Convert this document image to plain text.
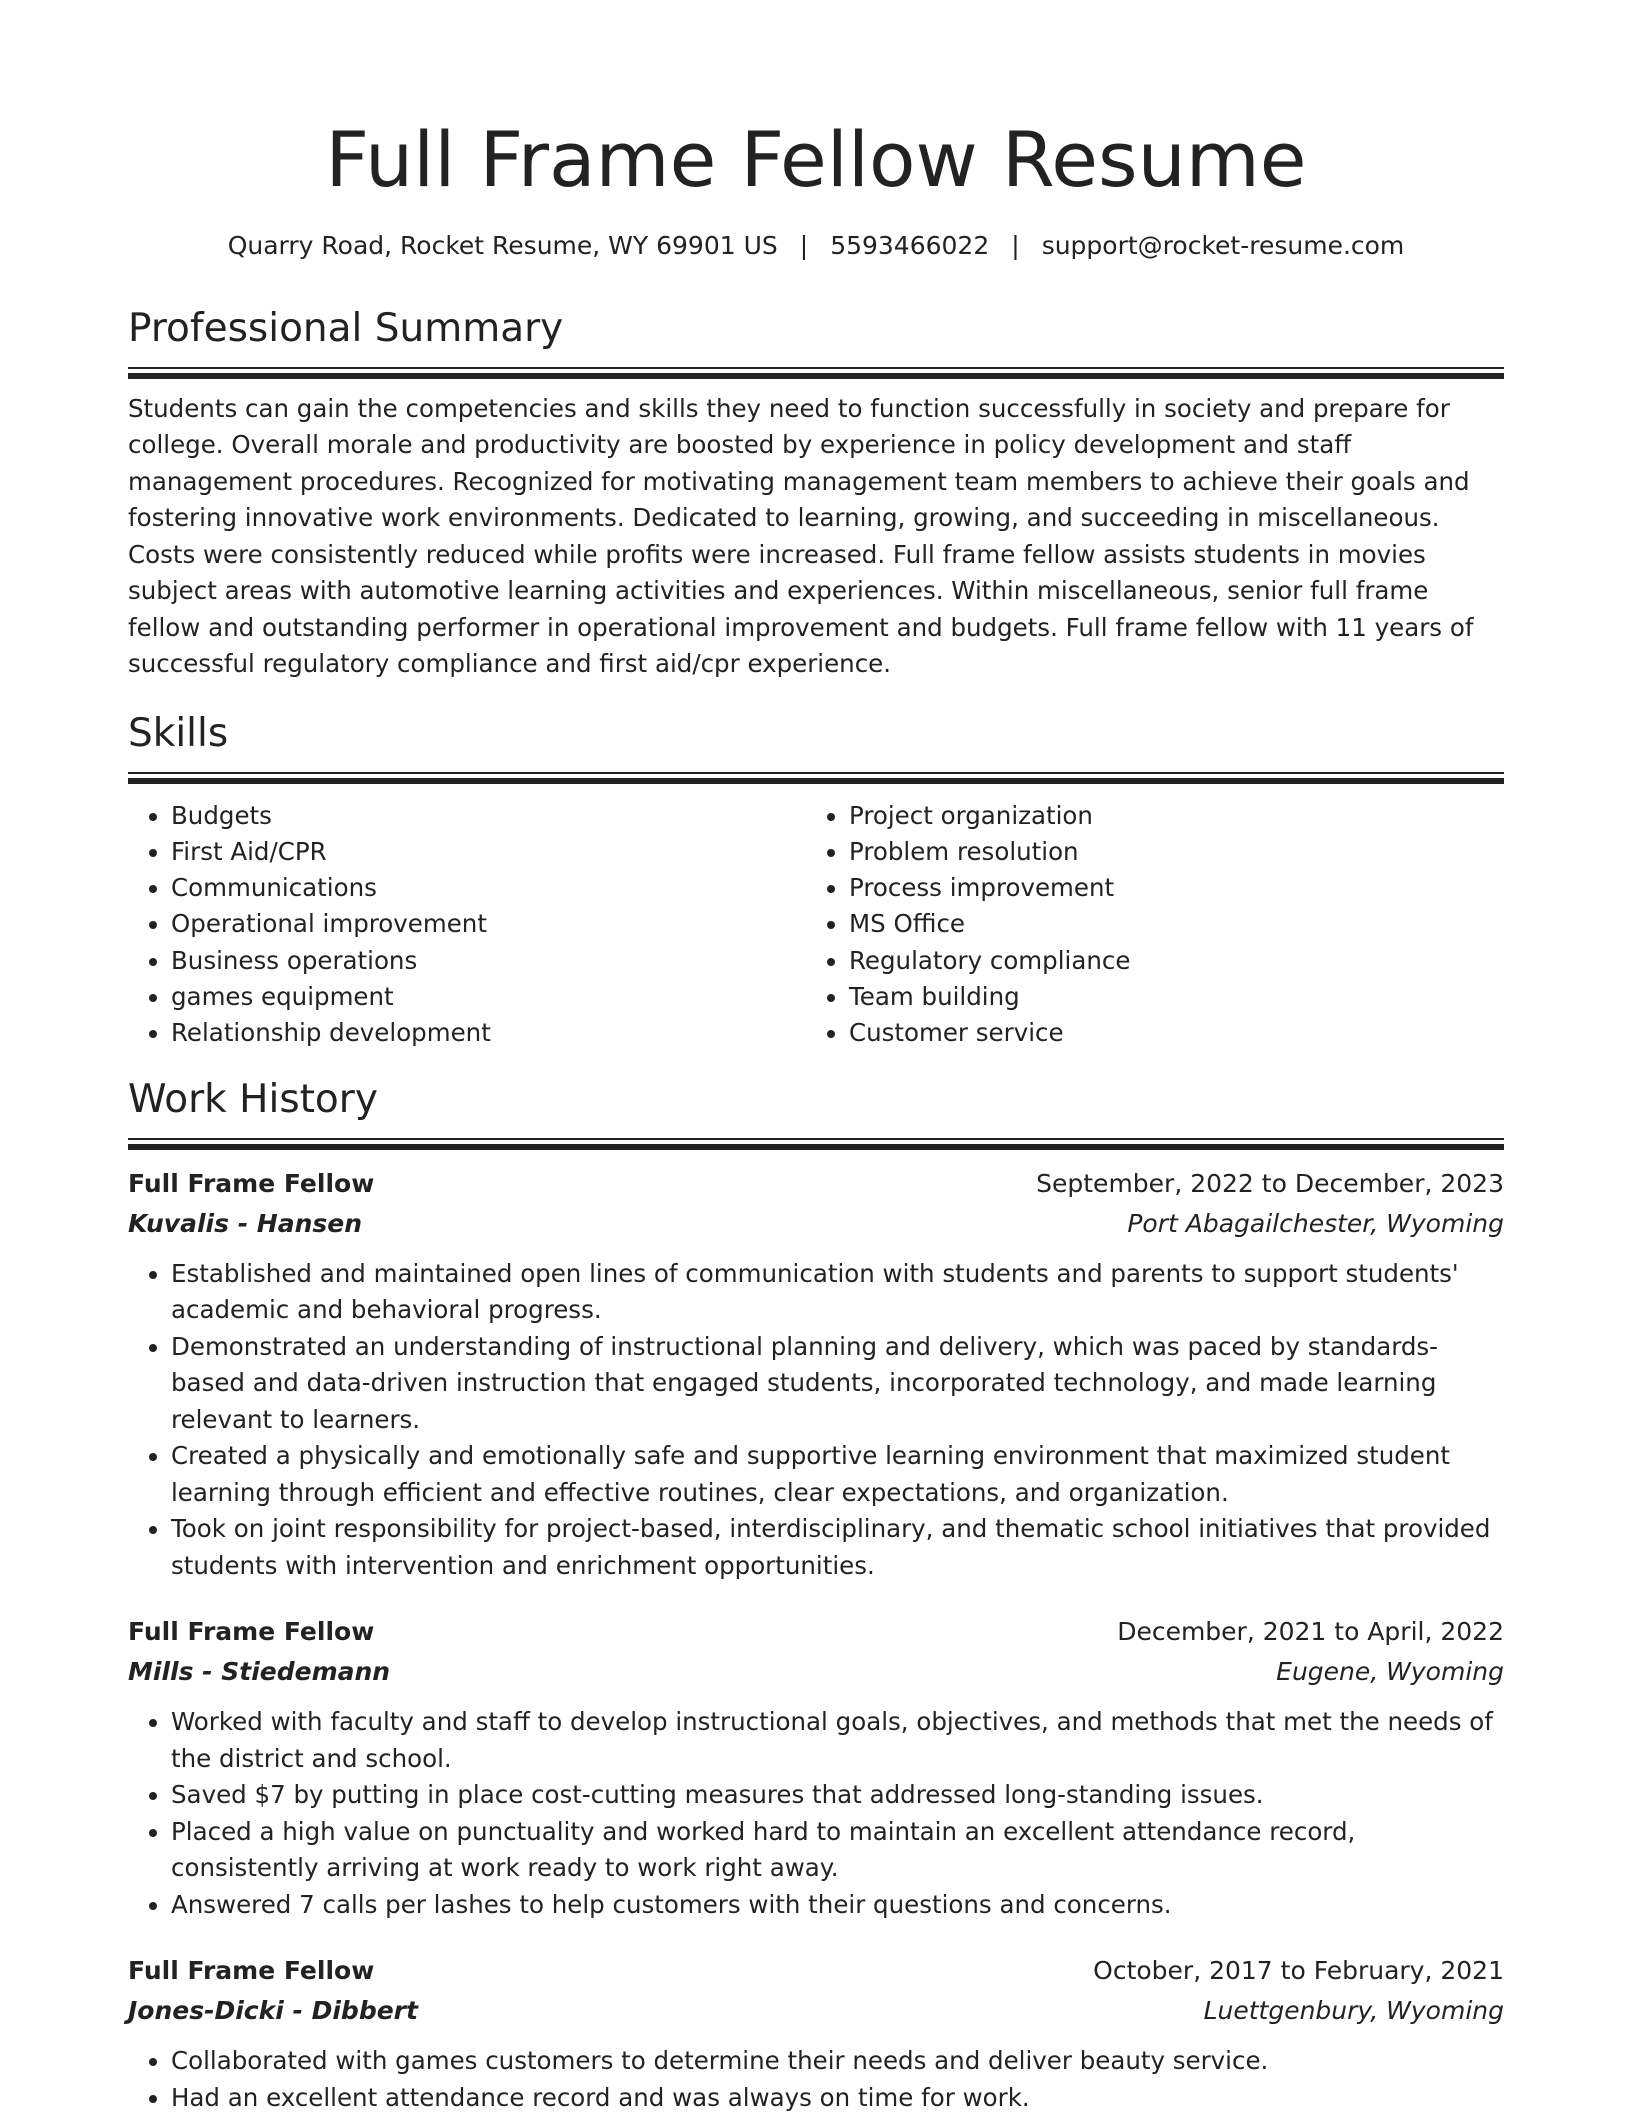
Full Frame Fellow Resume
Quarry Road, Rocket Resume, WY 69901 US | 5593466022 | support@rocket-resume.com
Professional Summary

Students can gain the competencies and skills they need to function successfully in society and prepare for college. Overall morale and productivity are boosted by experience in policy development and staff management procedures. Recognized for motivating management team members to achieve their goals and fostering innovative work environments. Dedicated to learning, growing, and succeeding in miscellaneous. Costs were consistently reduced while profits were increased. Full frame fellow assists students in movies subject areas with automotive learning activities and experiences. Within miscellaneous, senior full frame fellow and outstanding performer in operational improvement and budgets. Full frame fellow with 11 years of successful regulatory compliance and first aid/cpr experience.

Skills
• Budgets
• First Aid/CPR
• Communications
• Operational improvement
• Business operations
• games equipment
• Relationship development
• Project organization
• Problem resolution
• Process improvement
• MS Office
• Regulatory compliance
• Team building
• Customer service
Work History
Full Frame Fellow	September, 2022 to December, 2023
Kuvalis - Hansen	Port Abagailchester, Wyoming
• Established and maintained open lines of communication with students and parents to support students' academic and behavioral progress.
• Demonstrated an understanding of instructional planning and delivery, which was paced by standards-based and data-driven instruction that engaged students, incorporated technology, and made learning relevant to learners.
• Created a physically and emotionally safe and supportive learning environment that maximized student learning through efficient and effective routines, clear expectations, and organization.
• Took on joint responsibility for project-based, interdisciplinary, and thematic school initiatives that provided students with intervention and enrichment opportunities.
Full Frame Fellow	December, 2021 to April, 2022
Mills - Stiedemann	Eugene, Wyoming
• Worked with faculty and staff to develop instructional goals, objectives, and methods that met the needs of the district and school.
• Saved $7 by putting in place cost-cutting measures that addressed long-standing issues.
• Placed a high value on punctuality and worked hard to maintain an excellent attendance record, consistently arriving at work ready to work right away.
• Answered 7 calls per lashes to help customers with their questions and concerns.
Full Frame Fellow	October, 2017 to February, 2021
Jones-Dicki - Dibbert	Luettgenbury, Wyoming
• Collaborated with games customers to determine their needs and deliver beauty service.
• Had an excellent attendance record and was always on time for work.
